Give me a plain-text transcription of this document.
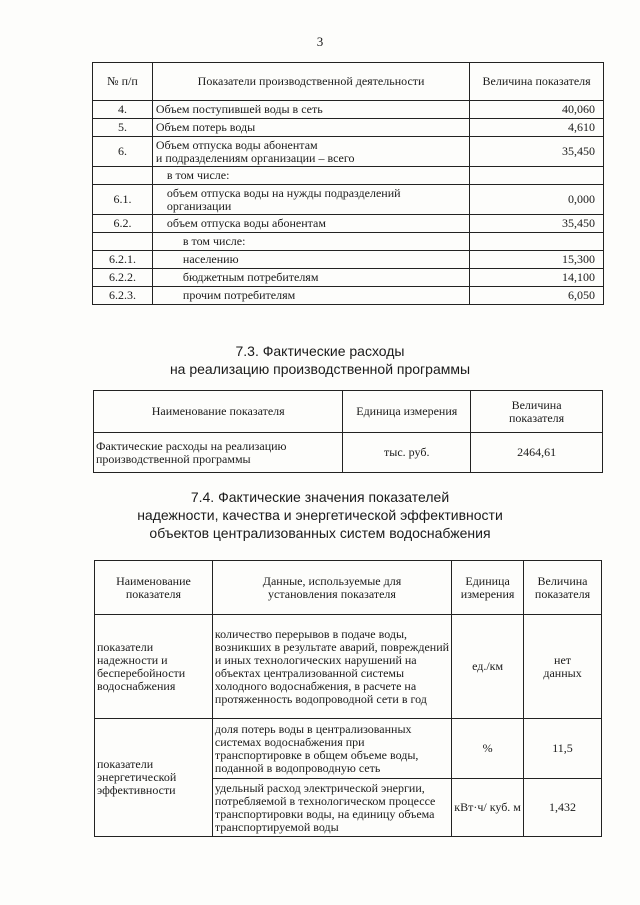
3
№ п/п	Показатели производственной деятельности	Величина показателя
4.	Объем поступившей воды в сеть	40,060
5.	Объем потерь воды	4,610
6.	Объем отпуска воды абонентам
и подразделениям организации – всего	35,450

	в том числе:	

6.1.	объем отпуска воды на нужды подразделений
организации	0,000
6.2.	объем отпуска воды абонентам	35,450

	в том числе:	

6.2.1.	населению	15,300
6.2.2.	бюджетным потребителям	14,100
6.2.3.	прочим потребителям	6,050
7.3. Фактические расходы
на реализацию производственной программы
Наименование показателя	Единица измерения	Величина показателя
Фактические расходы на реализацию производственной программы	тыс. руб.	2464,61
7.4. Фактические значения показателей
надежности, качества и энергетической эффективности
объектов централизованных систем водоснабжения
Наименование показателя	Данные, используемые для установления показателя	Единица измерения	Величина показателя
показатели надежности и бесперебойности водоснабжения	количество перерывов в подаче воды, возникших в результате аварий, повреждений и иных технологических нарушений на объектах централизованной системы холодного водоснабжения, в расчете на протяженность водопроводной сети в год	ед./км	нет данных
показатели энергетической эффективности	доля потерь воды в централизованных системах водоснабжения при транспортировке в общем объеме воды, поданной в водопроводную сеть	%	11,5
	удельный расход электрической энергии, потребляемой в технологическом процессе транспортировки воды, на единицу объема транспортируемой воды	кВт·ч/ куб. м	1,432
